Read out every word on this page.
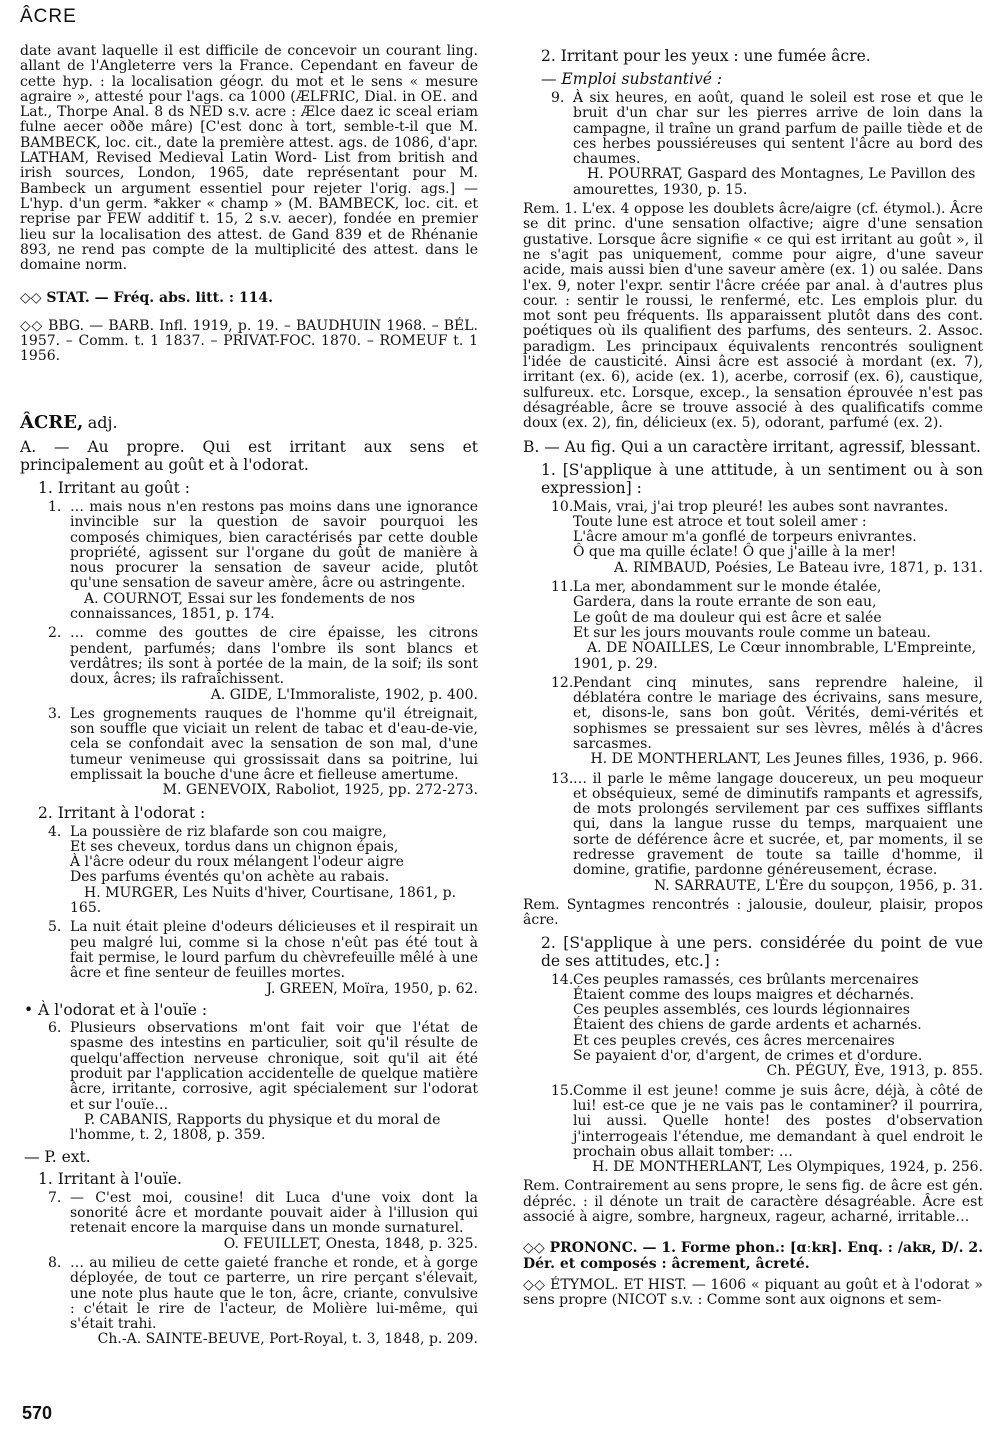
ÂCRE

date avant laquelle il est difficile de concevoir un courant ling. allant de l'Angleterre vers la France. Cependant en faveur de cette hyp. : la localisation géogr. du mot et le sens « mesure agraire », attesté pour l'ags. ca 1000 (ÆLFRIC, Dial. in OE. and Lat., Thorpe Anal. 8 ds NED s.v. acre : Ælce daez ic sceal eriam fulne aecer oððe mâre) [C'est donc à tort, semble-t-il que M. BAMBECK, loc. cit., date la première attest. ags. de 1086, d'apr. LATHAM, Revised Medieval Latin Word- List from british and irish sources, London, 1965, date représentant pour M. Bambeck un argument essentiel pour rejeter l'orig. ags.] — L'hyp. d'un germ. *akker « champ » (M. BAMBECK, loc. cit. et reprise par FEW additif t. 15, 2 s.v. aecer), fondée en premier lieu sur la localisation des attest. de Gand 839 et de Rhénanie 893, ne rend pas compte de la multiplicité des attest. dans le domaine norm.

◇◇ STAT. — Fréq. abs. litt. : 114.

◇◇ BBG. — BARB. Infl. 1919, p. 19. – BAUDHUIN 1968. – BÉL. 1957. – Comm. t. 1 1837. – PRIVAT-FOC. 1870. – ROMEUF t. 1 1956.

ÂCRE, adj.

A. — Au propre. Qui est irritant aux sens et principalement au goût et à l'odorat.

1. Irritant au goût :

1. … mais nous n'en restons pas moins dans une ignorance invincible sur la question de savoir pourquoi les composés chimiques, bien caractérisés par cette double propriété, agissent sur l'organe du goût de manière à nous procurer la sensation de saveur acide, plutôt qu'une sensation de saveur amère, âcre ou astringente.
A. COURNOT, Essai sur les fondements de nos connaissances, 1851, p. 174.
2. … comme des gouttes de cire épaisse, les citrons pendent, parfumés; dans l'ombre ils sont blancs et verdâtres; ils sont à portée de la main, de la soif; ils sont doux, âcres; ils rafraîchissent.
A. GIDE, L'Immoraliste, 1902, p. 400.
3. Les grognements rauques de l'homme qu'il étreignait, son souffle que viciait un relent de tabac et d'eau-de-vie, cela se confondait avec la sensation de son mal, d'une tumeur venimeuse qui grossissait dans sa poitrine, lui emplissait la bouche d'une âcre et fielleuse amertume.
M. GENEVOIX, Raboliot, 1925, pp. 272-273.

2. Irritant à l'odorat :

4. La poussière de riz blafarde son cou maigre,
Et ses cheveux, tordus dans un chignon épais,
À l'âcre odeur du roux mélangent l'odeur aigre
Des parfums éventés qu'on achète au rabais.
H. MURGER, Les Nuits d'hiver, Courtisane, 1861, p. 165.
5. La nuit était pleine d'odeurs délicieuses et il respirait un peu malgré lui, comme si la chose n'eût pas été tout à fait permise, le lourd parfum du chèvrefeuille mêlé à une âcre et fine senteur de feuilles mortes.
J. GREEN, Moïra, 1950, p. 62.

• À l'odorat et à l'ouïe :

6. Plusieurs observations m'ont fait voir que l'état de spasme des intestins en particulier, soit qu'il résulte de quelqu'affection nerveuse chronique, soit qu'il ait été produit par l'application accidentelle de quelque matière âcre, irritante, corrosive, agit spécialement sur l'odorat et sur l'ouïe…
P. CABANIS, Rapports du physique et du moral de l'homme, t. 2, 1808, p. 359.

— P. ext.

1. Irritant à l'ouïe.

7. — C'est moi, cousine! dit Luca d'une voix dont la sonorité âcre et mordante pouvait aider à l'illusion qui retenait encore la marquise dans un monde surnaturel.
O. FEUILLET, Onesta, 1848, p. 325.
8. … au milieu de cette gaieté franche et ronde, et à gorge déployée, de tout ce parterre, un rire perçant s'élevait, une note plus haute que le ton, âcre, criante, convulsive : c'était le rire de l'acteur, de Molière lui-même, qui s'était trahi.
Ch.-A. SAINTE-BEUVE, Port-Royal, t. 3, 1848, p. 209.

2. Irritant pour les yeux : une fumée âcre.

— Emploi substantivé :

9. À six heures, en août, quand le soleil est rose et que le bruit d'un char sur les pierres arrive de loin dans la campagne, il traîne un grand parfum de paille tiède et de ces herbes poussiéreuses qui sentent l'âcre au bord des chaumes.
H. POURRAT, Gaspard des Montagnes, Le Pavillon des amourettes, 1930, p. 15.

Rem. 1. L'ex. 4 oppose les doublets âcre/aigre (cf. étymol.). Âcre se dit princ. d'une sensation olfactive; aigre d'une sensation gustative. Lorsque âcre signifie « ce qui est irritant au goût », il ne s'agit pas uniquement, comme pour aigre, d'une saveur acide, mais aussi bien d'une saveur amère (ex. 1) ou salée. Dans l'ex. 9, noter l'expr. sentir l'âcre créée par anal. à d'autres plus cour. : sentir le roussi, le renfermé, etc. Les emplois plur. du mot sont peu fréquents. Ils apparaissent plutôt dans des cont. poétiques où ils qualifient des parfums, des senteurs. 2. Assoc. paradigm. Les principaux équivalents rencontrés soulignent l'idée de causticité. Ainsi âcre est associé à mordant (ex. 7), irritant (ex. 6), acide (ex. 1), acerbe, corrosif (ex. 6), caustique, sulfureux. etc. Lorsque, excep., la sensation éprouvée n'est pas désagréable, âcre se trouve associé à des qualificatifs comme doux (ex. 2), fin, délicieux (ex. 5), odorant, parfumé (ex. 2).

B. — Au fig. Qui a un caractère irritant, agressif, blessant.

1. [S'applique à une attitude, à un sentiment ou à son expression] :

10. Mais, vrai, j'ai trop pleuré! les aubes sont navrantes.
Toute lune est atroce et tout soleil amer :
L'âcre amour m'a gonflé de torpeurs enivrantes.
Ô que ma quille éclate! Ô que j'aille à la mer!
A. RIMBAUD, Poésies, Le Bateau ivre, 1871, p. 131.
11. La mer, abondamment sur le monde étalée,
Gardera, dans la route errante de son eau,
Le goût de ma douleur qui est âcre et salée
Et sur les jours mouvants roule comme un bateau.
A. DE NOAILLES, Le Cœur innombrable, L'Empreinte, 1901, p. 29.
12. Pendant cinq minutes, sans reprendre haleine, il déblatéra contre le mariage des écrivains, sans mesure, et, disons-le, sans bon goût. Vérités, demi-vérités et sophismes se pressaient sur ses lèvres, mêlés à d'âcres sarcasmes.
H. DE MONTHERLANT, Les Jeunes filles, 1936, p. 966.
13. … il parle le même langage doucereux, un peu moqueur et obséquieux, semé de diminutifs rampants et agressifs, de mots prolongés servilement par ces suffixes sifflants qui, dans la langue russe du temps, marquaient une sorte de déférence âcre et sucrée, et, par moments, il se redresse gravement de toute sa taille d'homme, il domine, gratifie, pardonne généreusement, écrase.
N. SARRAUTE, L'Ère du soupçon, 1956, p. 31.

Rem. Syntagmes rencontrés : jalousie, douleur, plaisir, propos âcre.

2. [S'applique à une pers. considérée du point de vue de ses attitudes, etc.] :

14. Ces peuples ramassés, ces brûlants mercenaires
Étaient comme des loups maigres et décharnés.
Ces peuples assemblés, ces lourds légionnaires
Étaient des chiens de garde ardents et acharnés.
Et ces peuples crevés, ces âcres mercenaires
Se payaient d'or, d'argent, de crimes et d'ordure.
Ch. PÉGUY, Ève, 1913, p. 855.
15. Comme il est jeune! comme je suis âcre, déjà, à côté de lui! est-ce que je ne vais pas le contaminer? il pourrira, lui aussi. Quelle honte! des postes d'observation j'interrogeais l'étendue, me demandant à quel endroit le prochain obus allait tomber: …
H. DE MONTHERLANT, Les Olympiques, 1924, p. 256.

Rem. Contrairement au sens propre, le sens fig. de âcre est gén. dépréc. : il dénote un trait de caractère désagréable. Âcre est associé à aigre, sombre, hargneux, rageur, acharné, irritable…

◇◇ PRONONC. — 1. Forme phon.: [ɑːkʀ]. Enq. : /akʀ, D/. 2. Dér. et composés : âcrement, âcreté.

◇◇ ÉTYMOL. ET HIST. — 1606 « piquant au goût et à l'odorat » sens propre (NICOT s.v. : Comme sont aux oignons et sem-

570
